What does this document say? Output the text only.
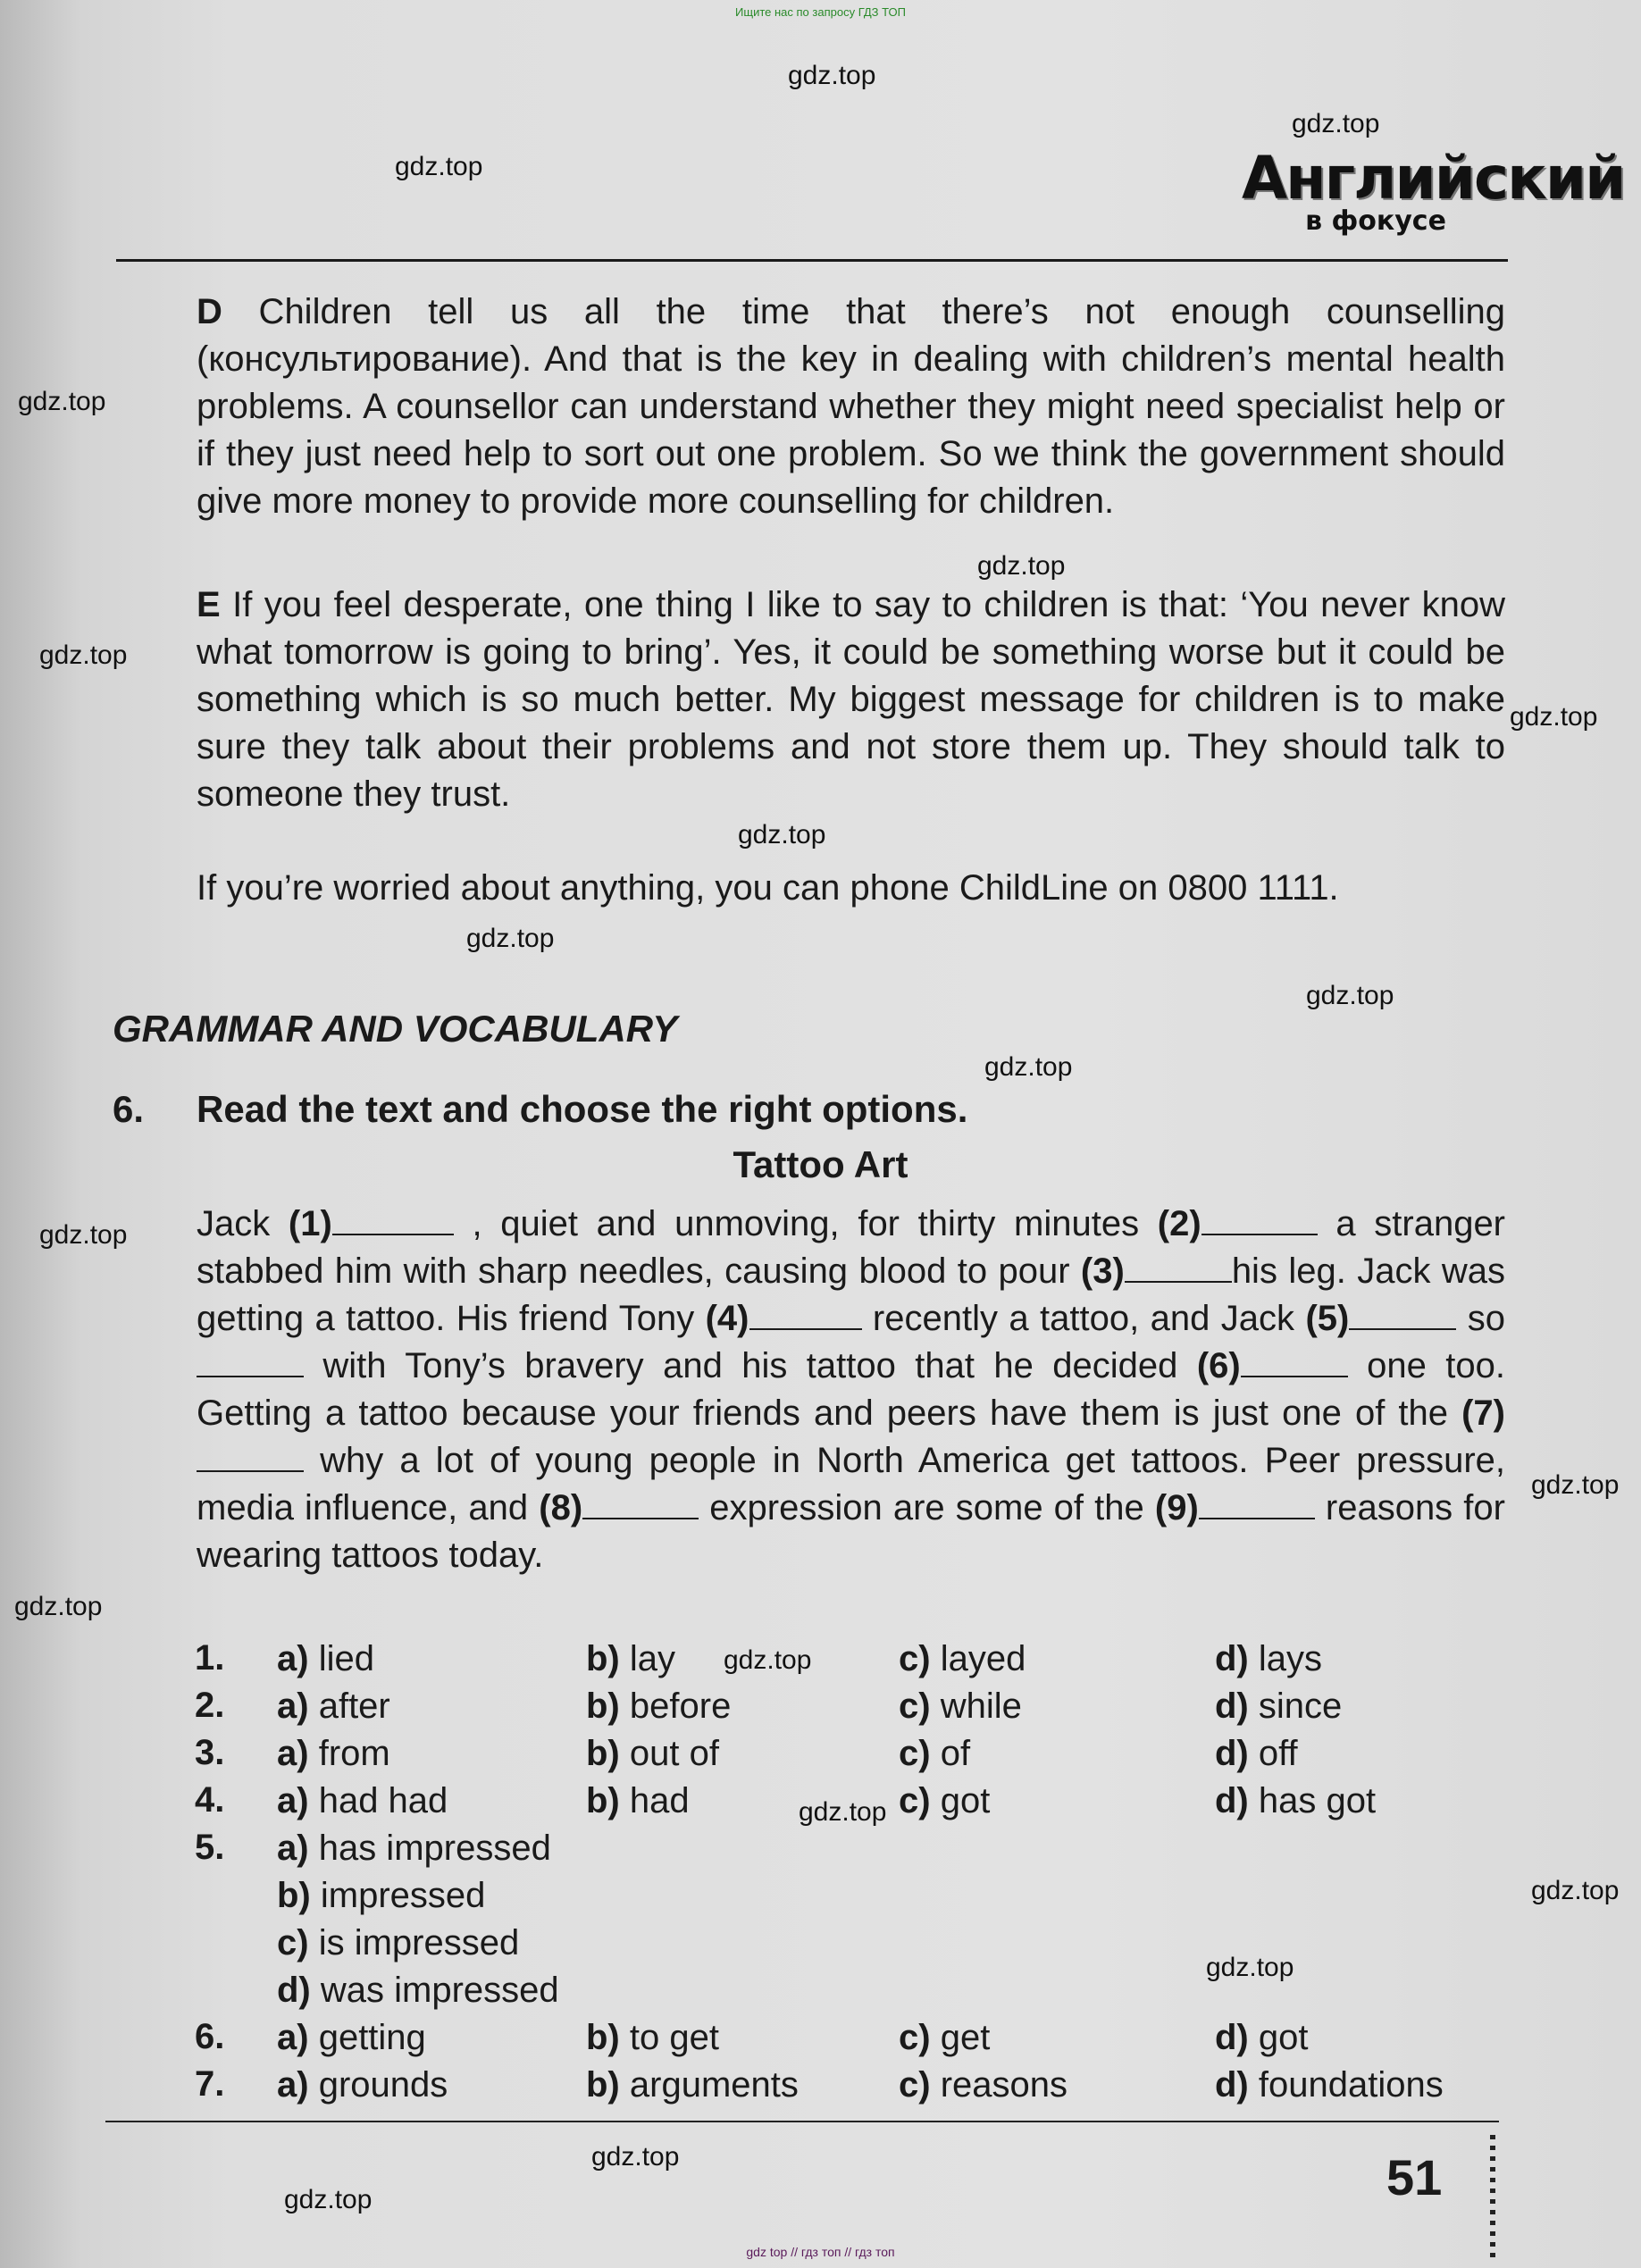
Ищите нас по запросу ГДЗ ТОП
gdz.top
gdz.top
gdz.top
gdz.top
gdz.top
gdz.top
gdz.top
gdz.top
gdz.top
gdz.top
gdz.top
gdz.top
gdz.top
gdz.top
gdz.top
gdz.top
gdz.top
gdz.top
gdz.top
gdz.top
Английский
в фокусе
D Children tell us all the time that there’s not enough counselling (консультирование). And that is the key in dealing with children’s mental health problems. A counsellor can understand whether they might need specialist help or if they just need help to sort out one problem. So we think the government should give more money to provide more counselling for children.
E If you feel desperate, one thing I like to say to children is that: ‘You never know what tomorrow is going to bring’. Yes, it could be something worse but it could be something which is so much better. My biggest message for children is to make sure they talk about their problems and not store them up. They should talk to someone they trust.
If you’re worried about anything, you can phone ChildLine on 0800 1111.
GRAMMAR AND VOCABULARY
6. Read the text and choose the right options.
Tattoo Art
Jack (1)	, quiet and unmoving, for thirty minutes (2)	a stranger stabbed him with sharp needles, causing blood to pour (3)	his leg. Jack was getting a tattoo. His friend Tony (4)	recently a tattoo, and Jack (5)	so  with Tony’s bravery and his tattoo that he decided (6)	one too. Getting a tattoo because your friends and peers have them is just one of the (7) why a lot of young people in North America get tattoos. Peer pressure, media influence, and (8)	expression are some of the (9)	reasons for wearing tattoos today.
1. a) lied	b) lay	c) layed	d) lays
2. a) after	b) before	c) while	d) since
3. a) from	b) out of	c) of	d) off
4. a) had had	b) had	c) got	d) has got
5. a) has impressed
b) impressed
c) is impressed
d) was impressed
6. a) getting	b) to get	c) get	d) got
7. a) grounds	b) arguments	c) reasons	d) foundations
51
gdz top // гдз топ // гдз топ
